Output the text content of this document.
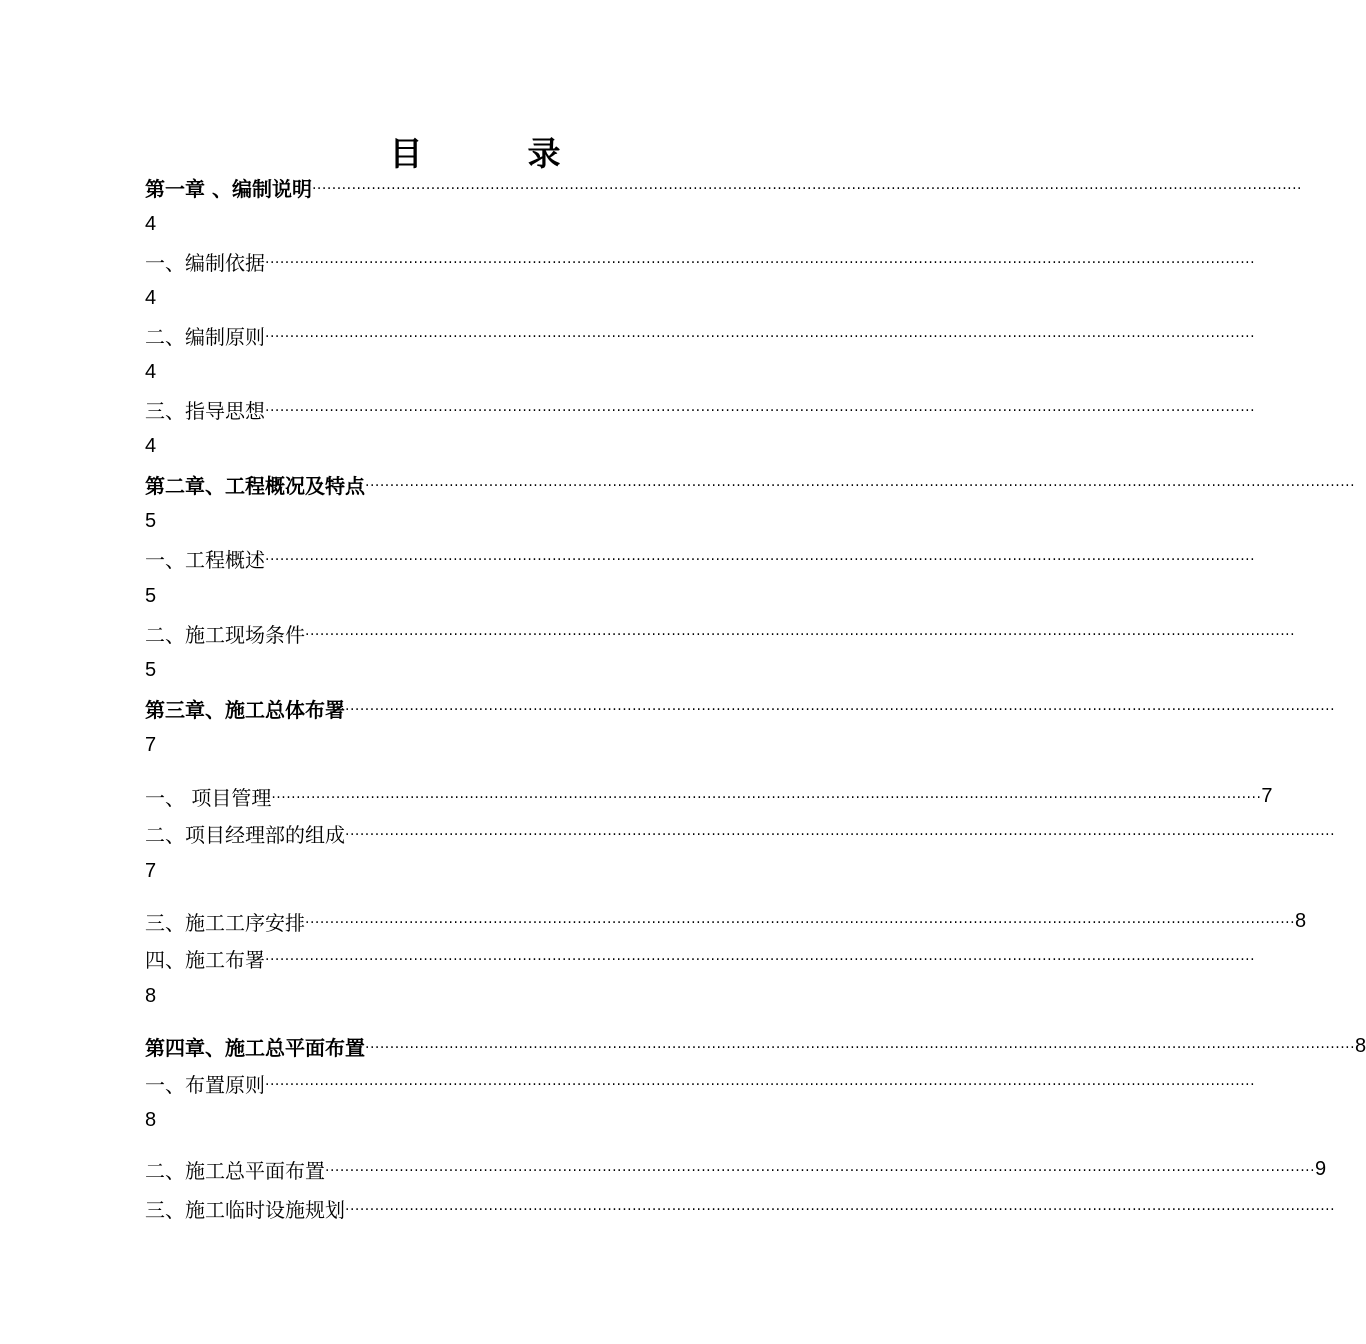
目	录
第一章 、编制说明 ········································································································································································································
4
一、编制依据 ········································································································································································································
4
二、编制原则 ········································································································································································································
4
三、指导思想 ········································································································································································································
4
第二章、工程概况及特点 ········································································································································································································
5
一、工程概述 ········································································································································································································
5
二、施工现场条件 ········································································································································································································
5
第三章、施工总体布署 ········································································································································································································
7
一、 项目管理 ········································································································································································································ 7
二、项目经理部的组成 ········································································································································································································
7
三、施工工序安排 ········································································································································································································ 8
四、施工布署 ········································································································································································································
8
第四章、施工总平面布置 ········································································································································································································ 8
一、布置原则 ········································································································································································································
8
二、施工总平面布置 ········································································································································································································ 9
三、施工临时设施规划 ········································································································································································································
